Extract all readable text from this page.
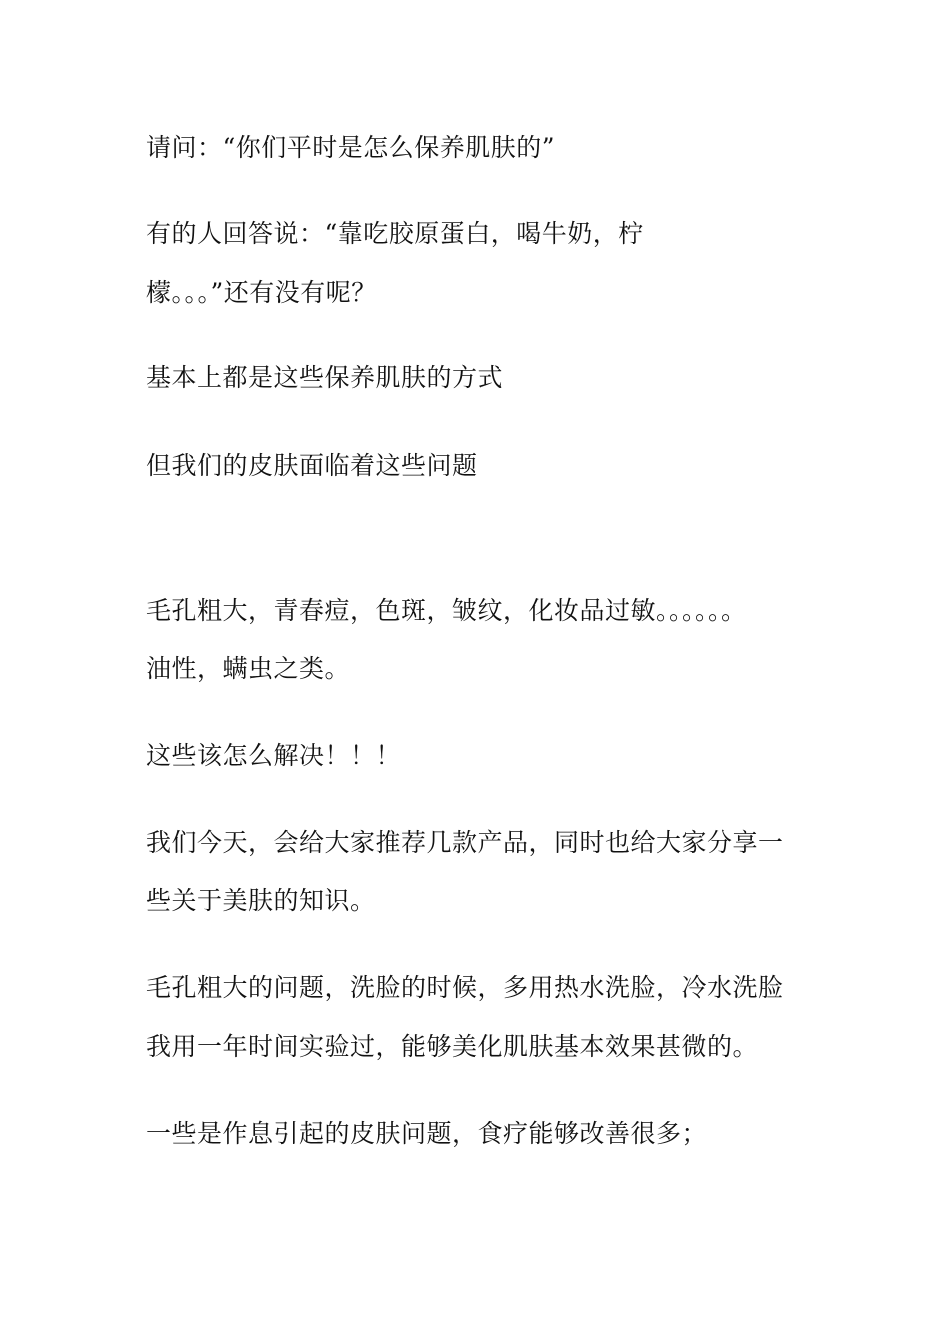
请问：“你们平时是怎么保养肌肤的”
有的人回答说：“靠吃胶原蛋白，喝牛奶，柠
檬。。。”还有没有呢？
基本上都是这些保养肌肤的方式
但我们的皮肤面临着这些问题
毛孔粗大，青春痘，色斑，皱纹，化妆品过敏。。。。。。
油性，螨虫之类。
这些该怎么解决！！！
我们今天，会给大家推荐几款产品，同时也给大家分享一
些关于美肤的知识。
毛孔粗大的问题，洗脸的时候，多用热水洗脸，冷水洗脸
我用一年时间实验过，能够美化肌肤基本效果甚微的。
一些是作息引起的皮肤问题，食疗能够改善很多；
